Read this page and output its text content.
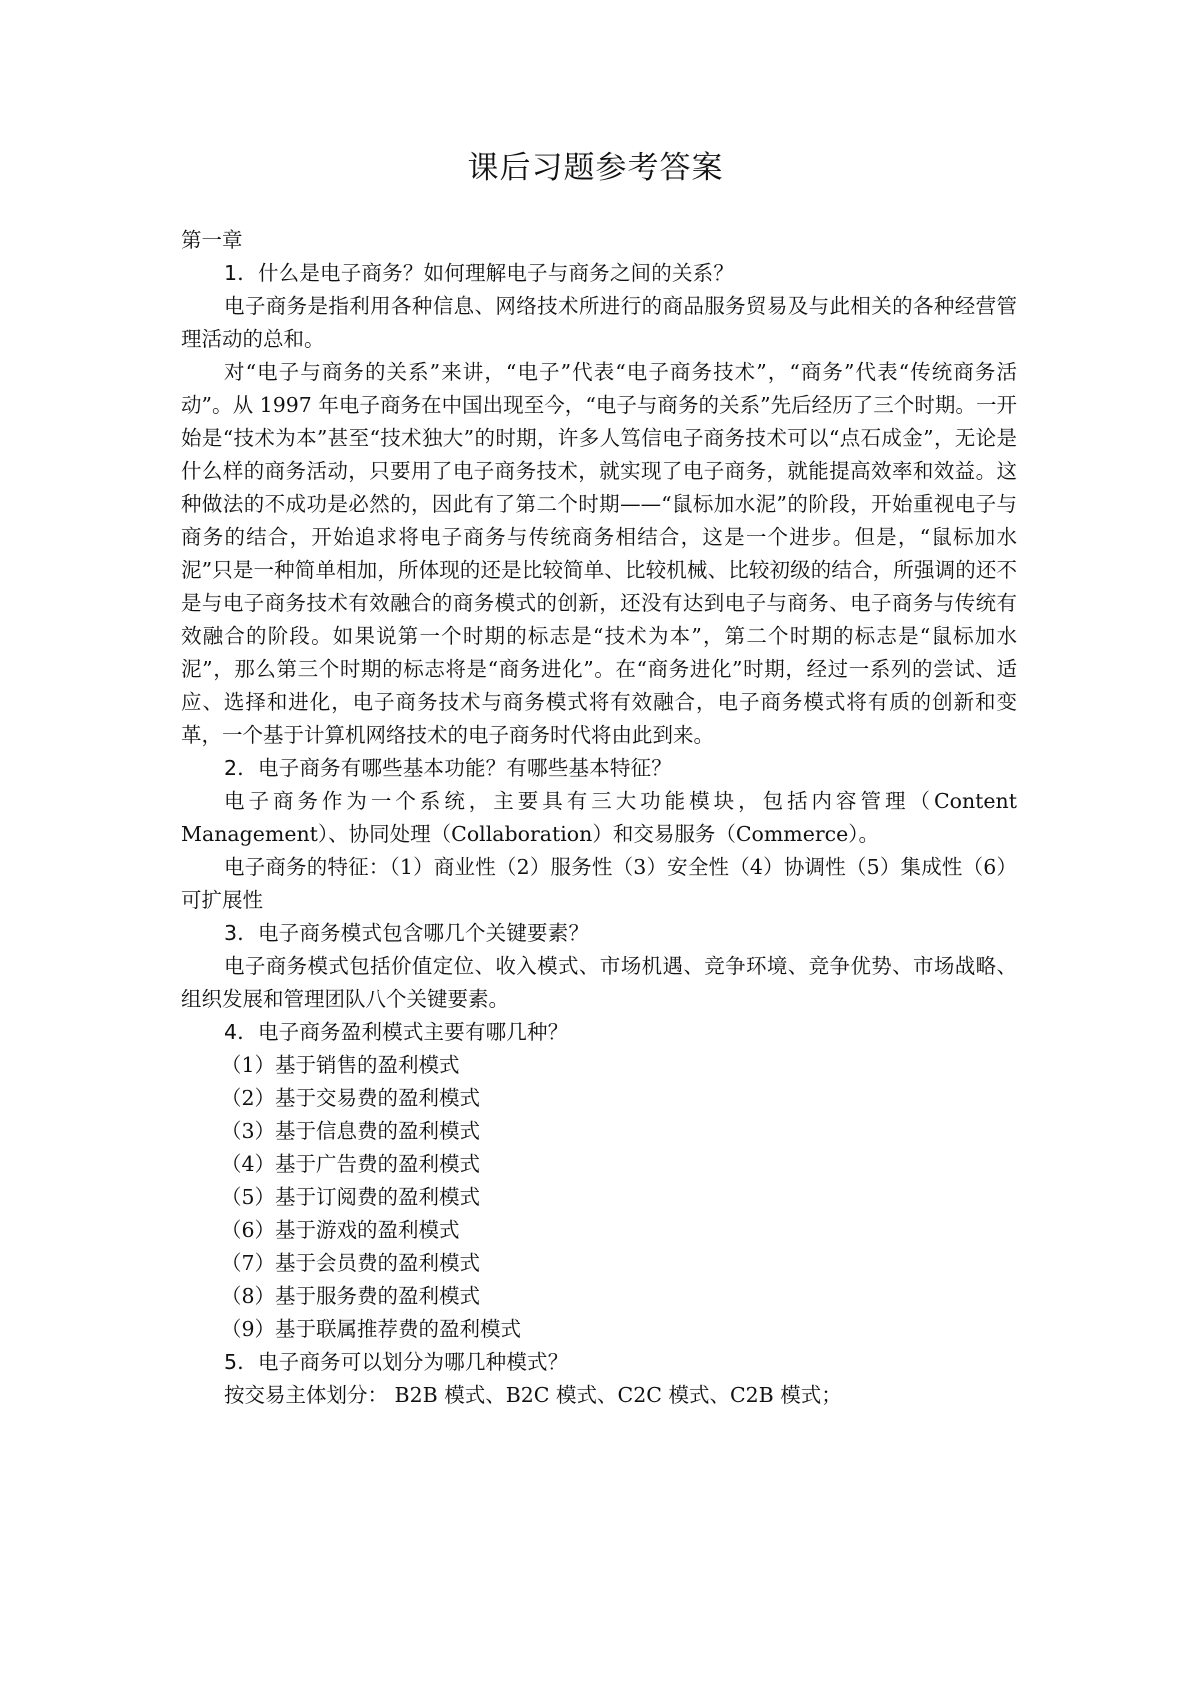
课后习题参考答案

第一章

1．什么是电子商务？如何理解电子与商务之间的关系？

电子商务是指利用各种信息、网络技术所进行的商品服务贸易及与此相关的各种经营管理活动的总和。

对“电子与商务的关系”来讲，“电子”代表“电子商务技术”，“商务”代表“传统商务活动”。从 1997 年电子商务在中国出现至今，“电子与商务的关系”先后经历了三个时期。一开始是“技术为本”甚至“技术独大”的时期，许多人笃信电子商务技术可以“点石成金”，无论是什么样的商务活动，只要用了电子商务技术，就实现了电子商务，就能提高效率和效益。这种做法的不成功是必然的，因此有了第二个时期——“鼠标加水泥”的阶段，开始重视电子与商务的结合，开始追求将电子商务与传统商务相结合，这是一个进步。但是，“鼠标加水泥”只是一种简单相加，所体现的还是比较简单、比较机械、比较初级的结合，所强调的还不是与电子商务技术有效融合的商务模式的创新，还没有达到电子与商务、电子商务与传统有效融合的阶段。如果说第一个时期的标志是“技术为本”，第二个时期的标志是“鼠标加水泥”，那么第三个时期的标志将是“商务进化”。在“商务进化”时期，经过一系列的尝试、适应、选择和进化，电子商务技术与商务模式将有效融合，电子商务模式将有质的创新和变革，一个基于计算机网络技术的电子商务时代将由此到来。

2．电子商务有哪些基本功能？有哪些基本特征？

电子商务作为一个系统，主要具有三大功能模块，包括内容管理（Content Management）、协同处理（Collaboration）和交易服务（Commerce）。

电子商务的特征：（1）商业性（2）服务性（3）安全性（4）协调性（5）集成性（6）可扩展性

3．电子商务模式包含哪几个关键要素？

电子商务模式包括价值定位、收入模式、市场机遇、竞争环境、竞争优势、市场战略、组织发展和管理团队八个关键要素。

4．电子商务盈利模式主要有哪几种？

（1）基于销售的盈利模式
（2）基于交易费的盈利模式
（3）基于信息费的盈利模式
（4）基于广告费的盈利模式
（5）基于订阅费的盈利模式
（6）基于游戏的盈利模式
（7）基于会员费的盈利模式
（8）基于服务费的盈利模式
（9）基于联属推荐费的盈利模式

5．电子商务可以划分为哪几种模式？

按交易主体划分： B2B 模式、B2C 模式、C2C 模式、C2B 模式；
